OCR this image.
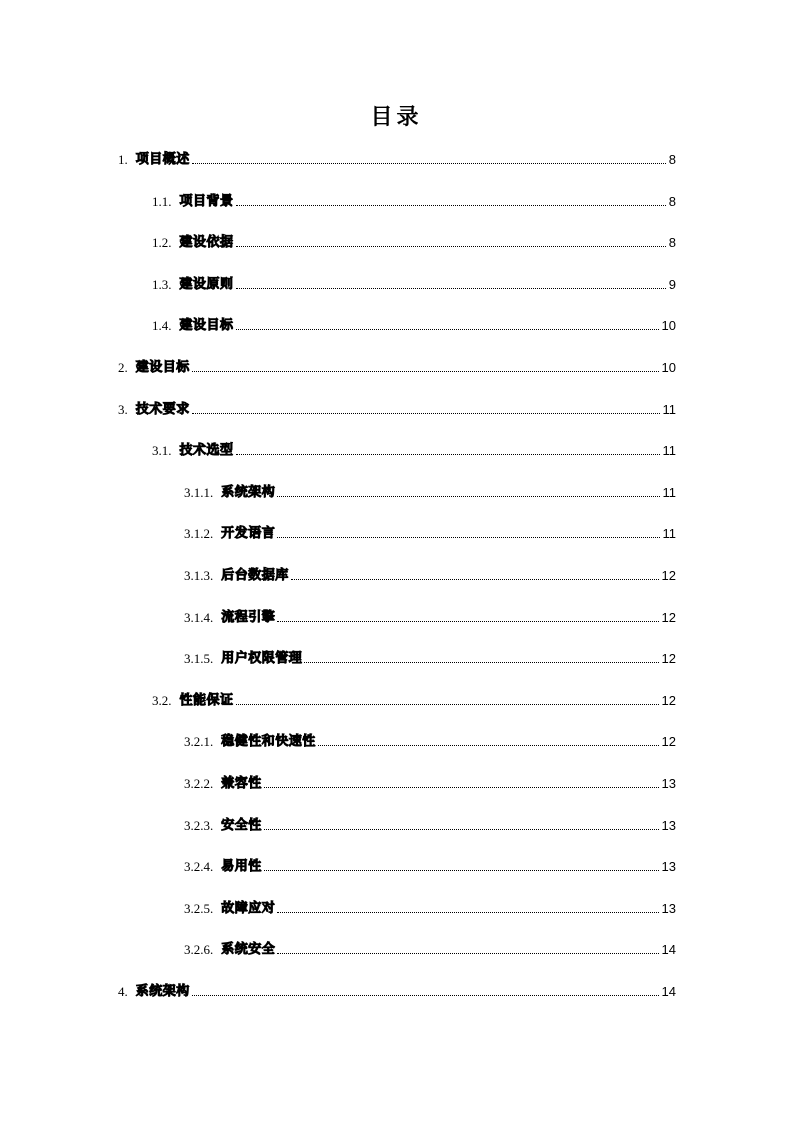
目录
1. 项目概述	8
1.1. 项目背景	8
1.2. 建设依据	8
1.3. 建设原则	9
1.4. 建设目标	10
2. 建设目标	10
3. 技术要求	11
3.1. 技术选型	11
3.1.1. 系统架构	11
3.1.2. 开发语言	11
3.1.3. 后台数据库	12
3.1.4. 流程引擎	12
3.1.5. 用户权限管理	12
3.2. 性能保证	12
3.2.1. 稳健性和快速性	12
3.2.2. 兼容性	13
3.2.3. 安全性	13
3.2.4. 易用性	13
3.2.5. 故障应对	13
3.2.6. 系统安全	14
4. 系统架构	14
